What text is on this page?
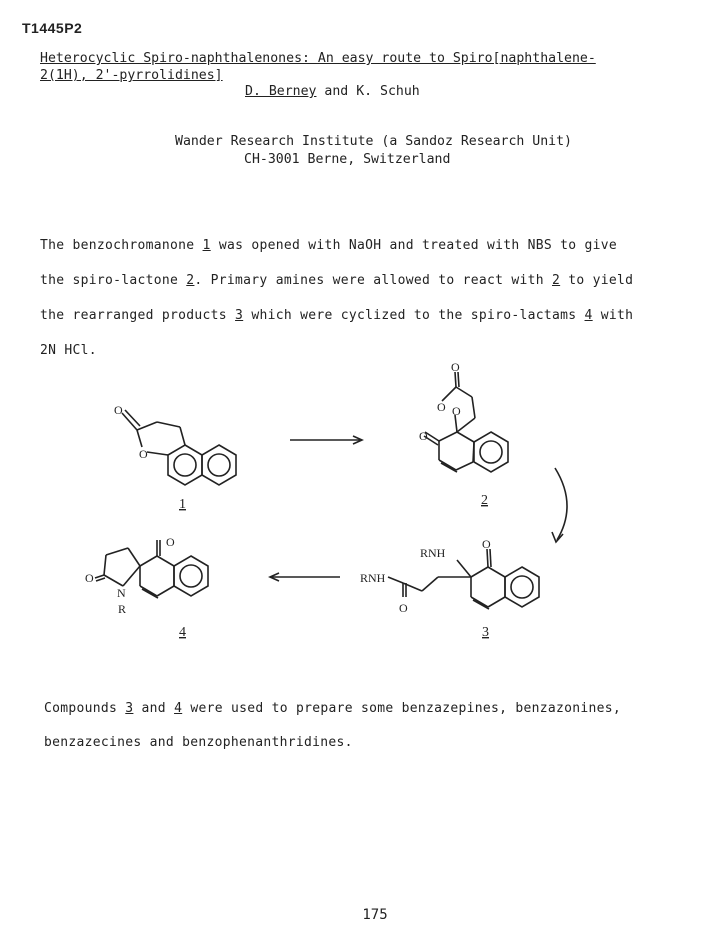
T1445P2
Heterocyclic Spiro-naphthalenones: An easy route to Spiro[naphthalene-
2(1H), 2'-pyrrolidines]
D. Berney and K. Schuh
Wander Research Institute (a Sandoz Research Unit)
CH-3001 Berne, Switzerland
The benzochromanone 1 was opened with NaOH and treated with NBS to give
the spiro-lactone 2. Primary amines were allowed to react with 2 to yield
the rearranged products 3 which were cyclized to the spiro-lactams 4 with
2N HCl.
O
O
1
O
O
O O
2
RNH
O
RNH
O
3
O
O
N
R
4
Compounds 3 and 4 were used to prepare some benzazepines, benzazonines,
benzazecines and benzophenanthridines.
175
